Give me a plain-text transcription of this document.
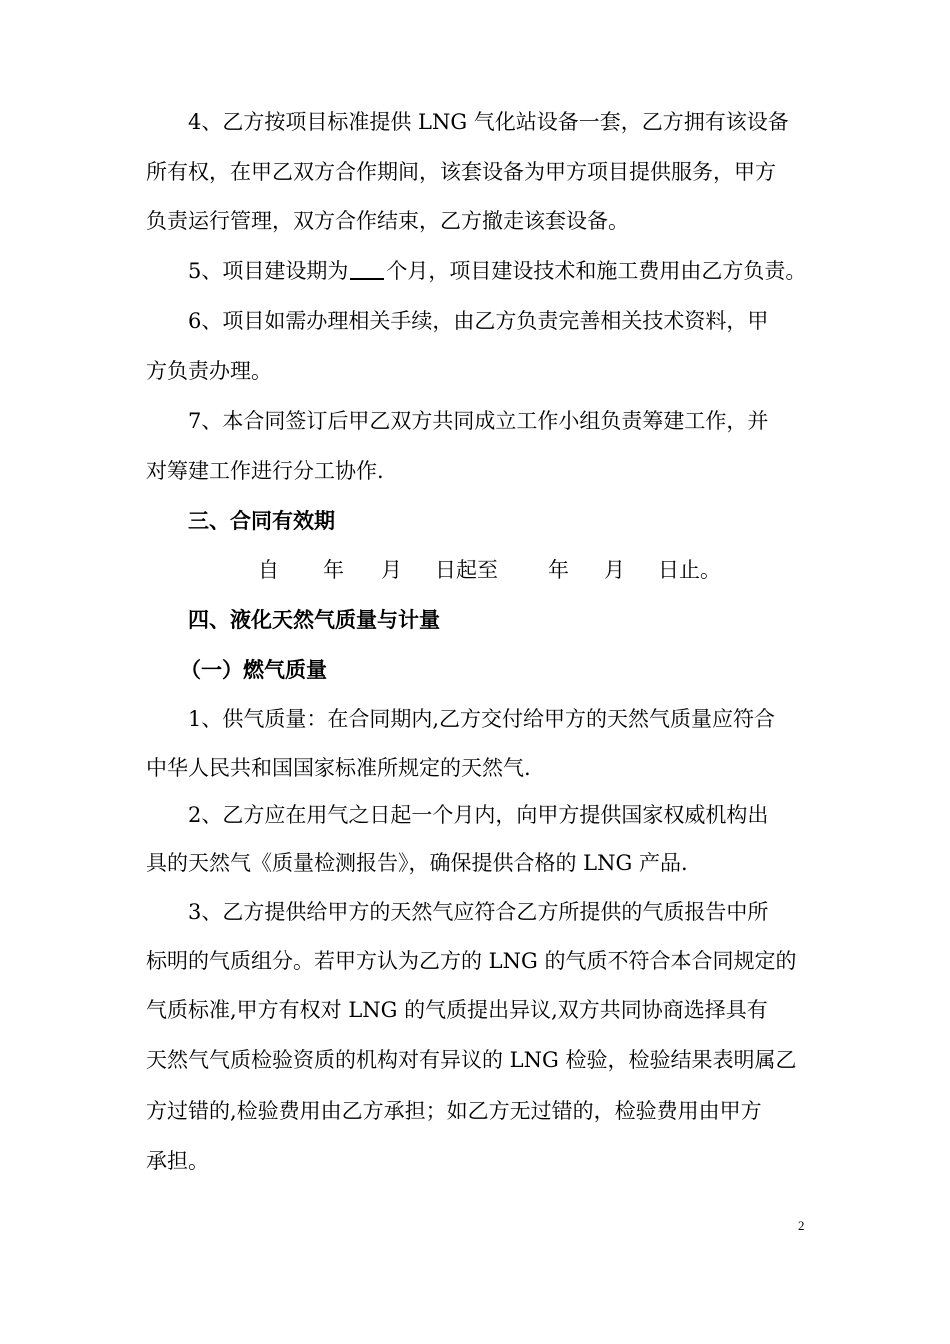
4、乙方按项目标准提供 LNG 气化站设备一套，乙方拥有该设备
所有权，在甲乙双方合作期间，该套设备为甲方项目提供服务，甲方
负责运行管理，双方合作结束，乙方撤走该套设备。
5、项目建设期为 个月，项目建设技术和施工费用由乙方负责。
6、项目如需办理相关手续，由乙方负责完善相关技术资料，甲
方负责办理。
7、本合同签订后甲乙双方共同成立工作小组负责筹建工作，并
对筹建工作进行分工协作.
三、合同有效期
自 年 月 日起至 年 月 日止。
四、液化天然气质量与计量
（一）燃气质量
1、供气质量：在合同期内,乙方交付给甲方的天然气质量应符合
中华人民共和国国家标准所规定的天然气.
2、乙方应在用气之日起一个月内，向甲方提供国家权威机构出
具的天然气《质量检测报告》，确保提供合格的 LNG 产品.
3、乙方提供给甲方的天然气应符合乙方所提供的气质报告中所
标明的气质组分。若甲方认为乙方的 LNG 的气质不符合本合同规定的
气质标准,甲方有权对 LNG 的气质提出异议,双方共同协商选择具有
天然气气质检验资质的机构对有异议的 LNG 检验，检验结果表明属乙
方过错的,检验费用由乙方承担；如乙方无过错的，检验费用由甲方
承担。
2
